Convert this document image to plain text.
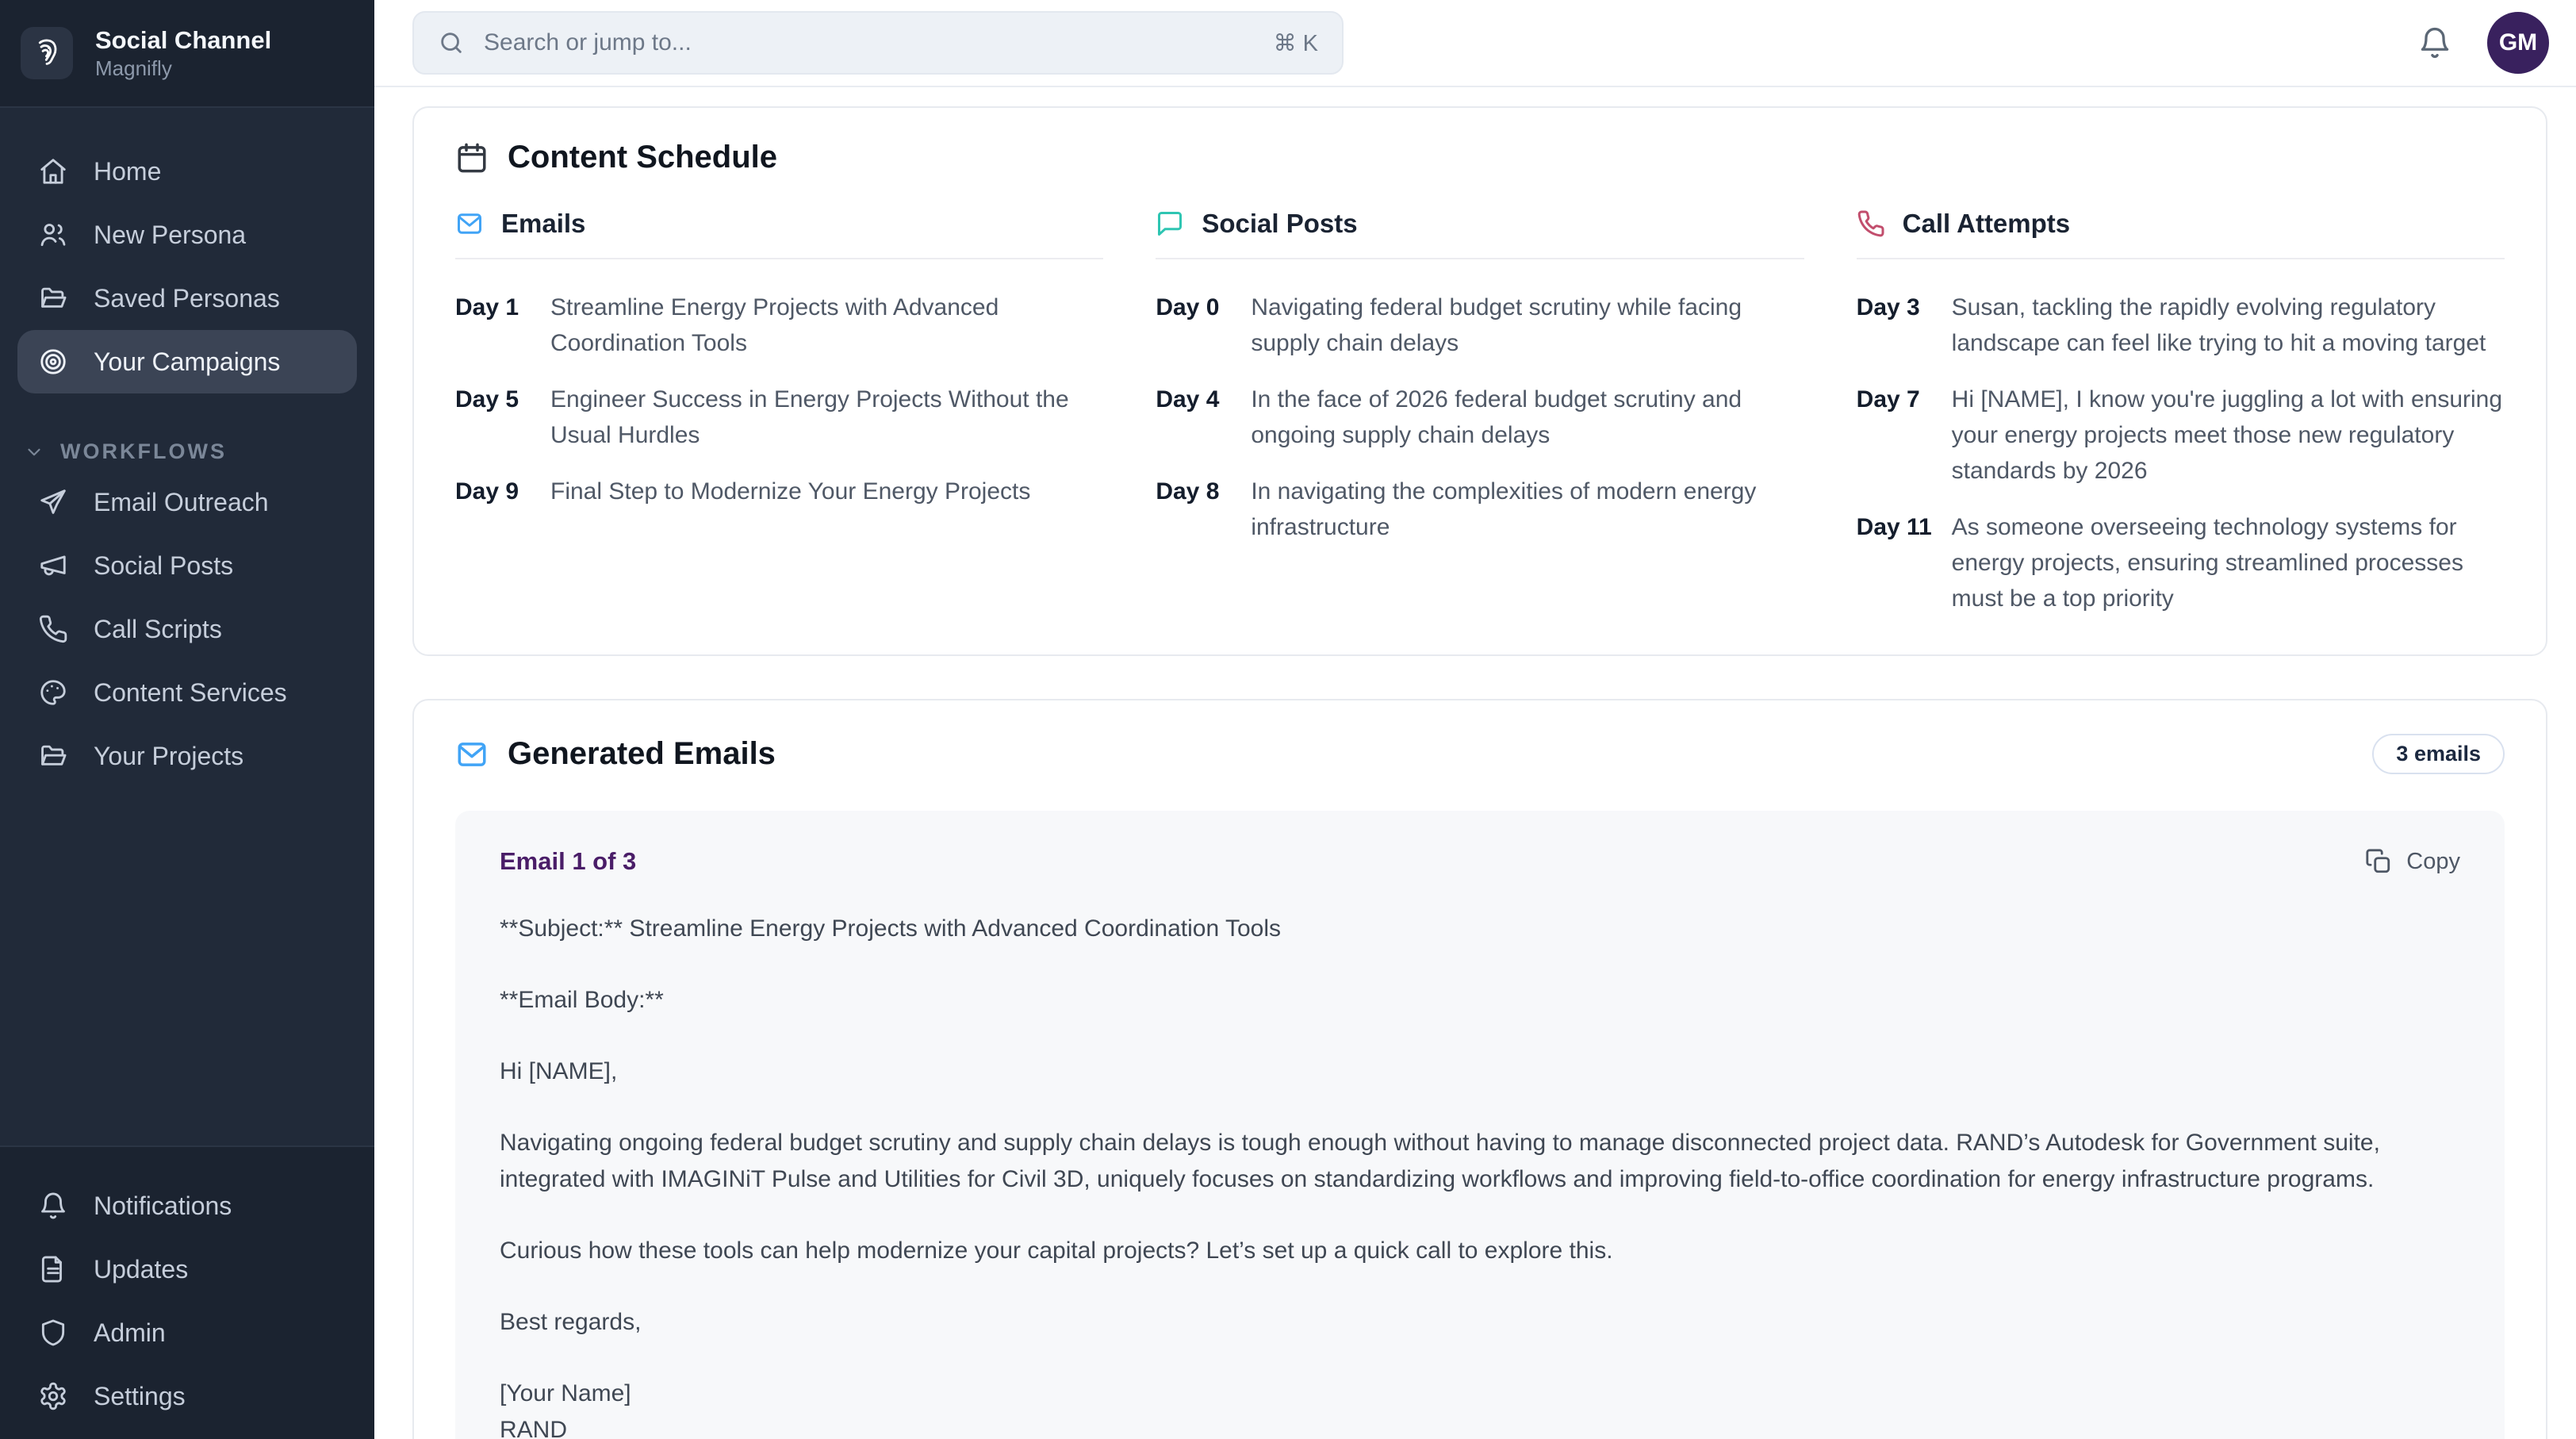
Social Channel
Magnifly
Home
New Persona
Saved Personas
Your Campaigns
WORKFLOWS
Email Outreach
Social Posts
Call Scripts
Content Services
Your Projects
Notifications
Updates
Admin
Settings
Search or jump to...
⌘ K	GM
Content Schedule
Emails
Day 1	Streamline Energy Projects with Advanced Coordination Tools
Day 5	Engineer Success in Energy Projects Without the Usual Hurdles
Day 9	Final Step to Modernize Your Energy Projects
Social Posts
Day 0	Navigating federal budget scrutiny while facing supply chain delays
Day 4	In the face of 2026 federal budget scrutiny and ongoing supply chain delays
Day 8	In navigating the complexities of modern energy infrastructure
Call Attempts
Day 3	Susan, tackling the rapidly evolving regulatory landscape can feel like trying to hit a moving target
Day 7	Hi [NAME], I know you're juggling a lot with ensuring your energy projects meet those new regulatory standards by 2026
Day 11 As someone overseeing technology systems for energy projects, ensuring streamlined processes must be a top priority
Generated Emails	3 emails
Email 1 of 3	Copy

**Subject:** Streamline Energy Projects with Advanced Coordination Tools

**Email Body:**

Hi [NAME],

Navigating ongoing federal budget scrutiny and supply chain delays is tough enough without having to manage disconnected project data. RAND’s Autodesk for Government suite, integrated with IMAGINiT Pulse and Utilities for Civil 3D, uniquely focuses on standardizing workflows and improving field-to-office coordination for energy infrastructure programs.

Curious how these tools can help modernize your capital projects? Let’s set up a quick call to explore this.

Best regards,

[Your Name]

RAND
